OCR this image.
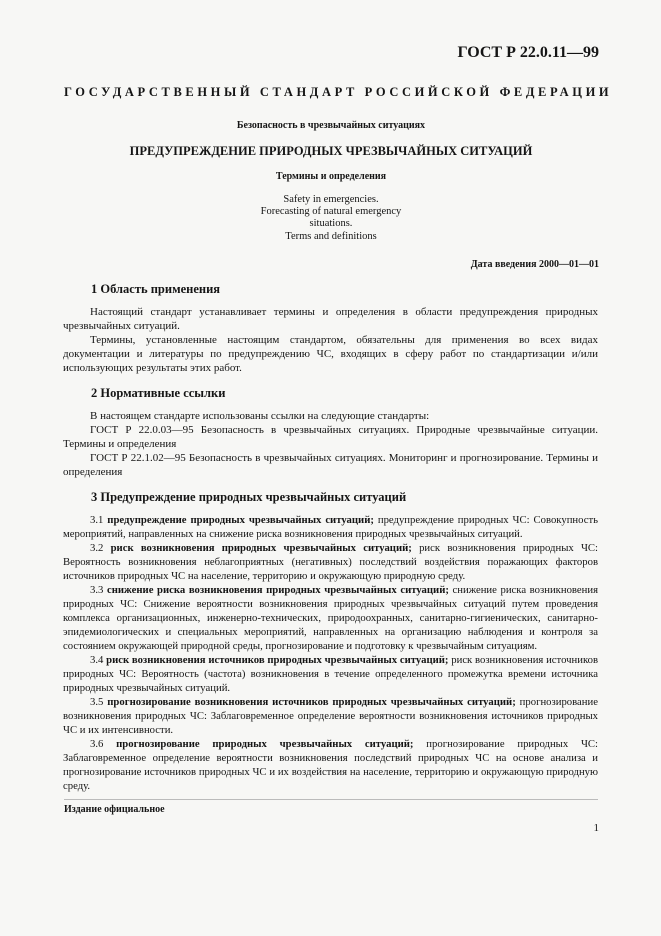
ГОСТ Р 22.0.11—99
ГОСУДАРСТВЕННЫЙ СТАНДАРТ РОССИЙСКОЙ ФЕДЕРАЦИИ
Безопасность в чрезвычайных ситуациях
ПРЕДУПРЕЖДЕНИЕ ПРИРОДНЫХ ЧРЕЗВЫЧАЙНЫХ СИТУАЦИЙ
Термины и определения
Safety in emergencies.
Forecasting of natural emergency
situations.
Terms and definitions
Дата введения 2000—01—01
1 Область применения

Настоящий стандарт устанавливает термины и определения в области предупреждения природных чрезвычайных ситуаций.

Термины, установленные настоящим стандартом, обязательны для применения во всех видах документации и литературы по предупреждению ЧС, входящих в сферу работ по стандартизации и/или использующих результаты этих работ.

2 Нормативные ссылки

В настоящем стандарте использованы ссылки на следующие стандарты:

ГОСТ Р 22.0.03—95 Безопасность в чрезвычайных ситуациях. Природные чрезвычайные ситуации. Термины и определения

ГОСТ Р 22.1.02—95 Безопасность в чрезвычайных ситуациях. Мониторинг и прогнозирование. Термины и определения

3 Предупреждение природных чрезвычайных ситуаций

3.1 предупреждение природных чрезвычайных ситуаций; предупреждение природных ЧС: Совокупность мероприятий, направленных на снижение риска возникновения природных чрезвычайных ситуаций.

3.2 риск возникновения природных чрезвычайных ситуаций; риск возникновения природных ЧС: Вероятность возникновения неблагоприятных (негативных) последствий воздействия поражающих факторов источников природных ЧС на население, территорию и окружающую природную среду.

3.3 снижение риска возникновения природных чрезвычайных ситуаций; снижение риска возникновения природных ЧС: Снижение вероятности возникновения природных чрезвычайных ситуаций путем проведения комплекса организационных, инженерно-технических, природоохранных, санитарно-гигиенических, санитарно-эпидемиологических и специальных мероприятий, направленных на организацию наблюдения и контроля за состоянием окружающей природной среды, прогнозирование и подготовку к чрезвычайным ситуациям.

3.4 риск возникновения источников природных чрезвычайных ситуаций; риск возникновения источников природных ЧС: Вероятность (частота) возникновения в течение определенного промежутка времени источника природных чрезвычайных ситуаций.

3.5 прогнозирование возникновения источников природных чрезвычайных ситуаций; прогнозирование возникновения природных ЧС: Заблаговременное определение вероятности возникновения источников природных ЧС и их интенсивности.

3.6 прогнозирование природных чрезвычайных ситуаций; прогнозирование природных ЧС: Заблаговременное определение вероятности возникновения последствий природных ЧС на основе анализа и прогнозирование источников природных ЧС и их воздействия на население, территорию и окружающую природную среду.

Издание официальное
1
